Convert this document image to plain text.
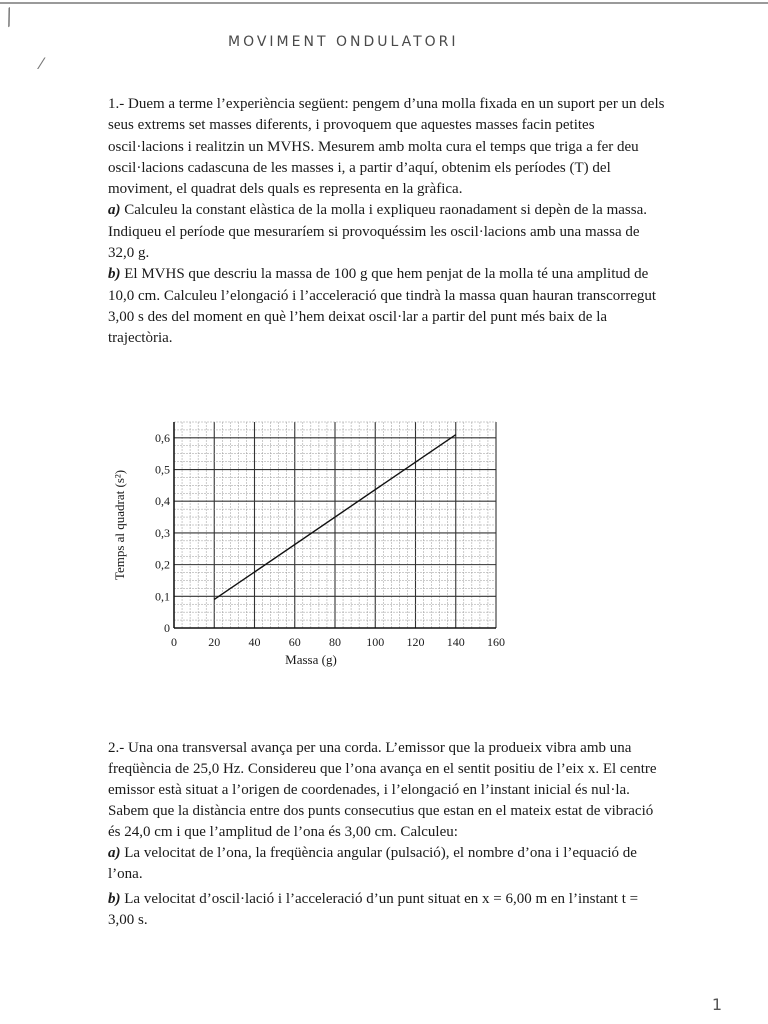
⁄
⁄
MOVIMENT ONDULATORI

1.- Duem a terme l’experiència següent: pengem d’una molla fixada en un suport per un dels seus extrems set masses diferents, i provoquem que aquestes masses facin petites oscil·lacions i realitzin un MVHS. Mesurem amb molta cura el temps que triga a fer deu oscil·lacions cadascuna de les masses i, a partir d’aquí, obtenim els períodes (T) del moviment, el quadrat dels quals es representa en la gràfica.

a) Calculeu la constant elàstica de la molla i expliqueu raonadament si depèn de la massa. Indiqueu el període que mesuraríem si provoquéssim les oscil·lacions amb una massa de 32,0 g.

b) El MVHS que descriu la massa de 100 g que hem penjat de la molla té una amplitud de 10,0 cm. Calculeu l’elongació i l’acceleració que tindrà la massa quan hauran transcorregut 3,00 s des del moment en què l’hem deixat oscil·lar a partir del punt més baix de la trajectòria.

0	20 40 60 80 100 120 140 160
0
0,1
0,2
0,3
0,4
0,5
0,6
Massa (g)
Temps al quadrat (s²)

2.- Una ona transversal avança per una corda. L’emissor que la produeix vibra amb una freqüència de 25,0 Hz. Considereu que l’ona avança en el sentit positiu de l’eix x. El centre emissor està situat a l’origen de coordenades, i l’elongació en l’instant inicial és nul·la. Sabem que la distància entre dos punts consecutius que estan en el mateix estat de vibració és 24,0 cm i que l’amplitud de l’ona és 3,00 cm. Calculeu:

a) La velocitat de l’ona, la freqüència angular (pulsació), el nombre d’ona i l’equació de l’ona.

b) La velocitat d’oscil·lació i l’acceleració d’un punt situat en x = 6,00 m en l’instant t = 3,00 s.

1
